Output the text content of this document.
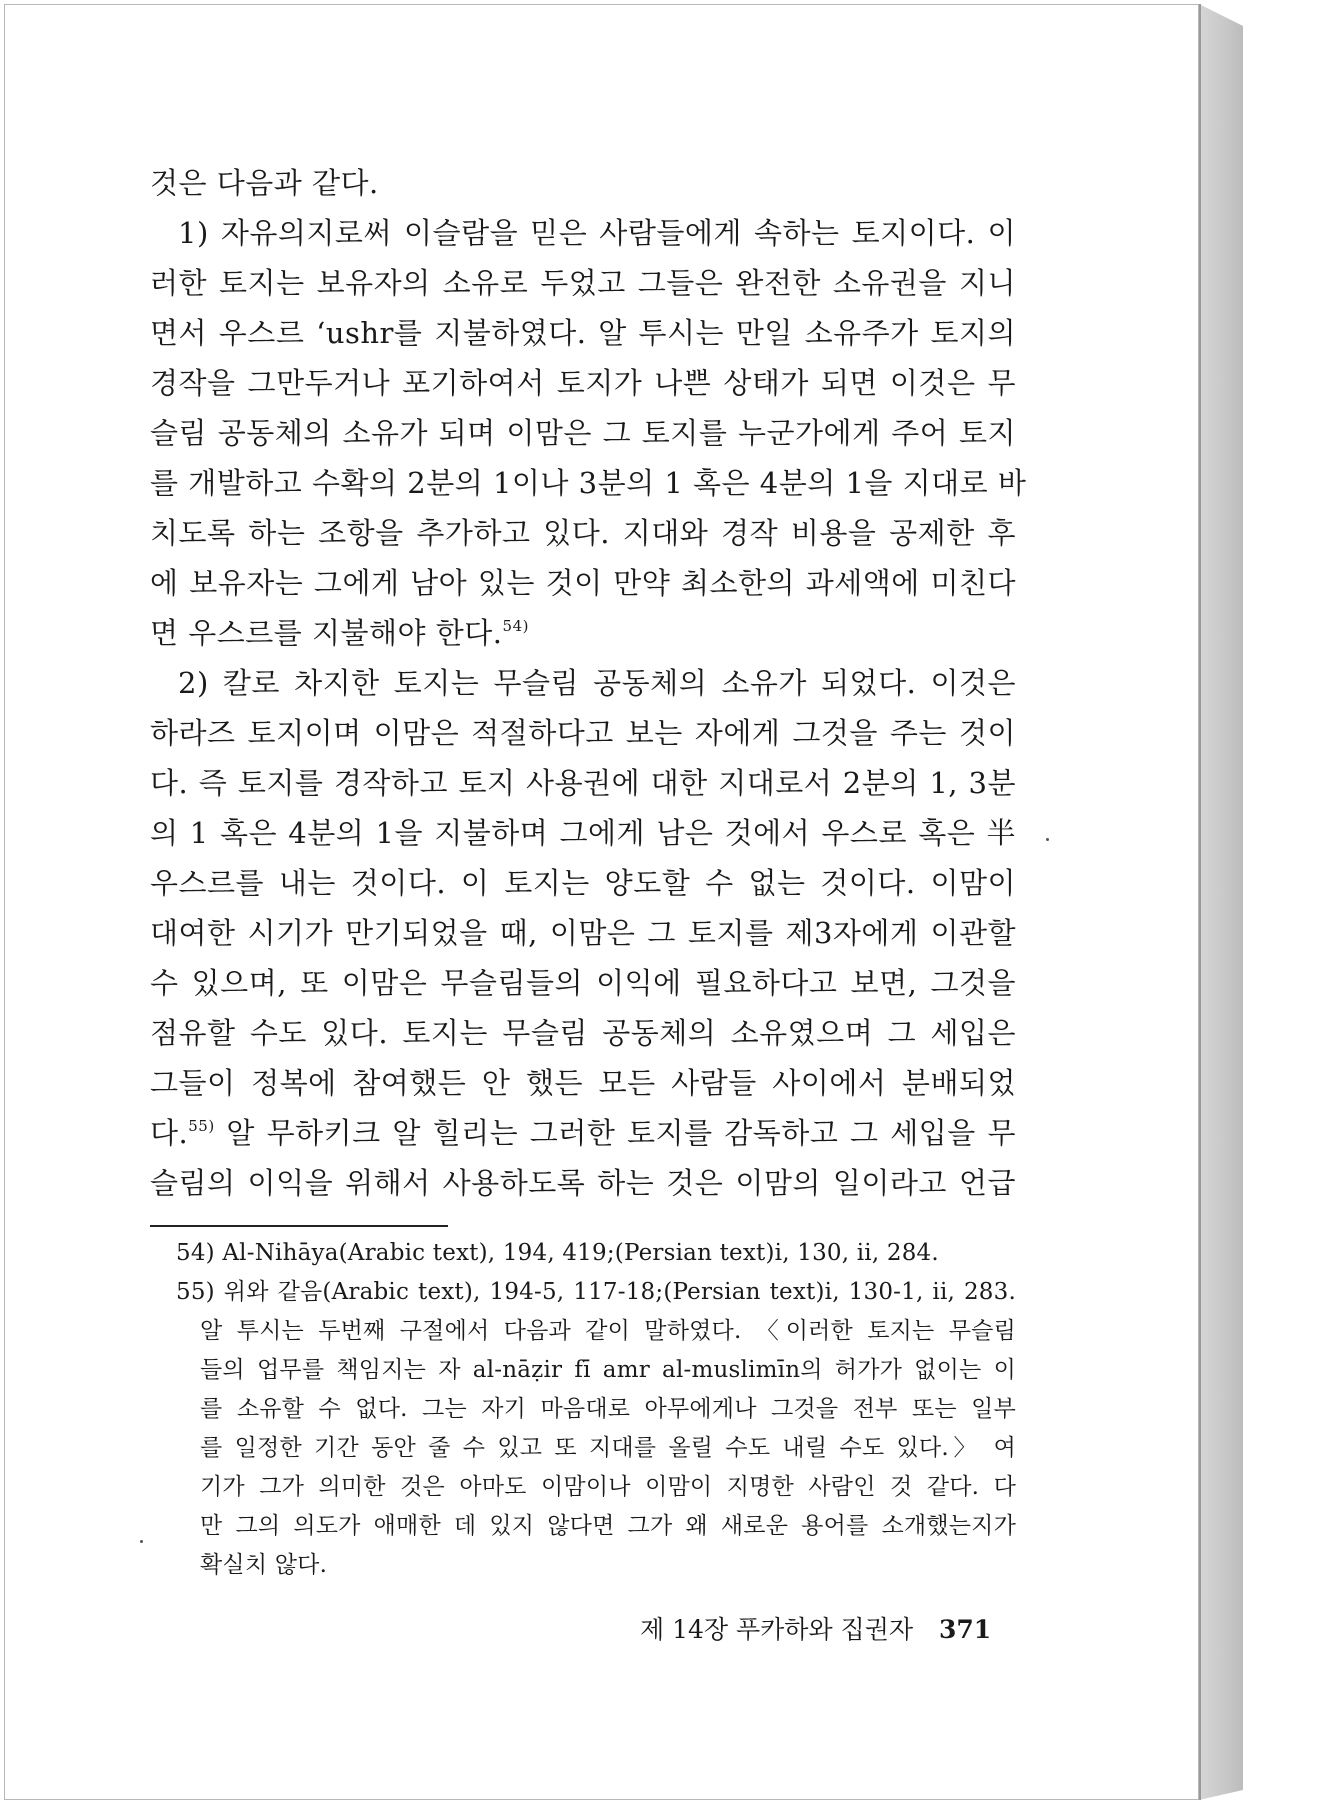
것은 다음과 같다.
1) 자유의지로써 이슬람을 믿은 사람들에게 속하는 토지이다. 이
러한 토지는 보유자의 소유로 두었고 그들은 완전한 소유권을 지니
면서 우스르 ‘ushr를 지불하였다. 알 투시는 만일 소유주가 토지의
경작을 그만두거나 포기하여서 토지가 나쁜 상태가 되면 이것은 무
슬림 공동체의 소유가 되며 이맘은 그 토지를 누군가에게 주어 토지
를 개발하고 수확의 2분의 1이나 3분의 1 혹은 4분의 1을 지대로 바
치도록 하는 조항을 추가하고 있다. 지대와 경작 비용을 공제한 후
에 보유자는 그에게 남아 있는 것이 만약 최소한의 과세액에 미친다
면 우스르를 지불해야 한다.$^{54)}$
2) 칼로 차지한 토지는 무슬림 공동체의 소유가 되었다. 이것은
하라즈 토지이며 이맘은 적절하다고 보는 자에게 그것을 주는 것이
다. 즉 토지를 경작하고 토지 사용권에 대한 지대로서 2분의 1, 3분
의 1 혹은 4분의 1을 지불하며 그에게 남은 것에서 우스로 혹은 半
우스르를 내는 것이다. 이 토지는 양도할 수 없는 것이다. 이맘이
대여한 시기가 만기되었을 때, 이맘은 그 토지를 제3자에게 이관할
수 있으며, 또 이맘은 무슬림들의 이익에 필요하다고 보면, 그것을
점유할 수도 있다. 토지는 무슬림 공동체의 소유였으며 그 세입은
그들이 정복에 참여했든 안 했든 모든 사람들 사이에서 분배되었
다.$^{55)}$ 알 무하키크 알 힐리는 그러한 토지를 감독하고 그 세입을 무
슬림의 이익을 위해서 사용하도록 하는 것은 이맘의 일이라고 언급
54) Al-Nihāya(Arabic text), 194, 419;(Persian text)i, 130, ii, 284.
55) 위와 같음(Arabic text), 194-5, 117-18;(Persian text)i, 130-1, ii, 283.
알 투시는 두번째 구절에서 다음과 같이 말하였다. 〈이러한 토지는 무슬림
들의 업무를 책임지는 자 al-nāẓir fī amr al-muslimīn의 허가가 없이는 이
를 소유할 수 없다. 그는 자기 마음대로 아무에게나 그것을 전부 또는 일부
를 일정한 기간 동안 줄 수 있고 또 지대를 올릴 수도 내릴 수도 있다.〉 여
기가 그가 의미한 것은 아마도 이맘이나 이맘이 지명한 사람인 것 같다. 다
만 그의 의도가 애매한 데 있지 않다면 그가 왜 새로운 용어를 소개했는지가
확실치 않다.
제 14장 푸카하와 집권자 371
